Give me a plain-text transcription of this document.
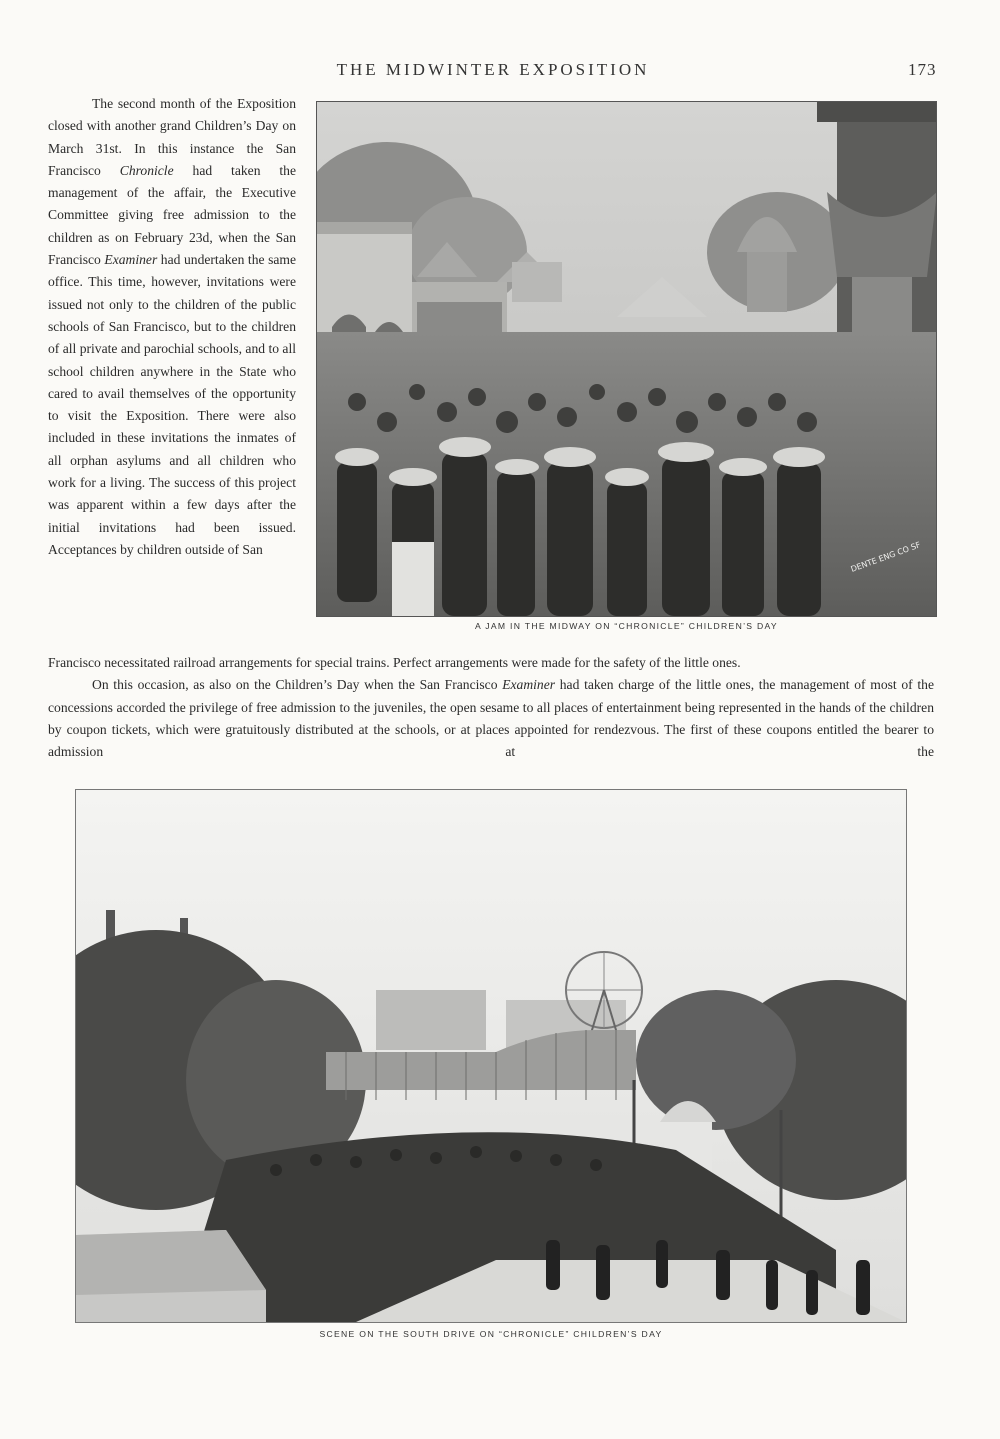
THE MIDWINTER EXPOSITION	173

The second month of the Exposition closed with another grand Children’s Day on March 31st. In this instance the San Francisco Chronicle had taken the management of the affair, the Executive Committee giving free admission to the children as on February 23d, when the San Francisco Examiner had undertaken the same office. This time, however, invitations were issued not only to the children of the public schools of San Francisco, but to the children of all private and parochial schools, and to all school children anywhere in the State who cared to avail themselves of the opportunity to visit the Exposition. There were also included in these invitations the inmates of all orphan asylums and all children who work for a living. The success of this project was apparent within a few days after the initial invitations had been issued. Acceptances by children outside of San	DENTE ENG CO SF
A JAM IN THE MIDWAY ON “CHRONICLE” CHILDREN’S DAY

Francisco necessitated railroad arrangements for special trains. Perfect arrangements were made for the safety of the little ones.

On this occasion, as also on the Children’s Day when the San Francisco Examiner had taken charge of the little ones, the management of most of the concessions accorded the privilege of free admission to the juveniles, the open sesame to all places of entertainment being represented in the hands of the children by coupon tickets, which were gratuitously distributed at the schools, or at places appointed for rendezvous. The first of these coupons entitled the bearer to admission at the

SCENE ON THE SOUTH DRIVE ON “CHRONICLE” CHILDREN’S DAY
